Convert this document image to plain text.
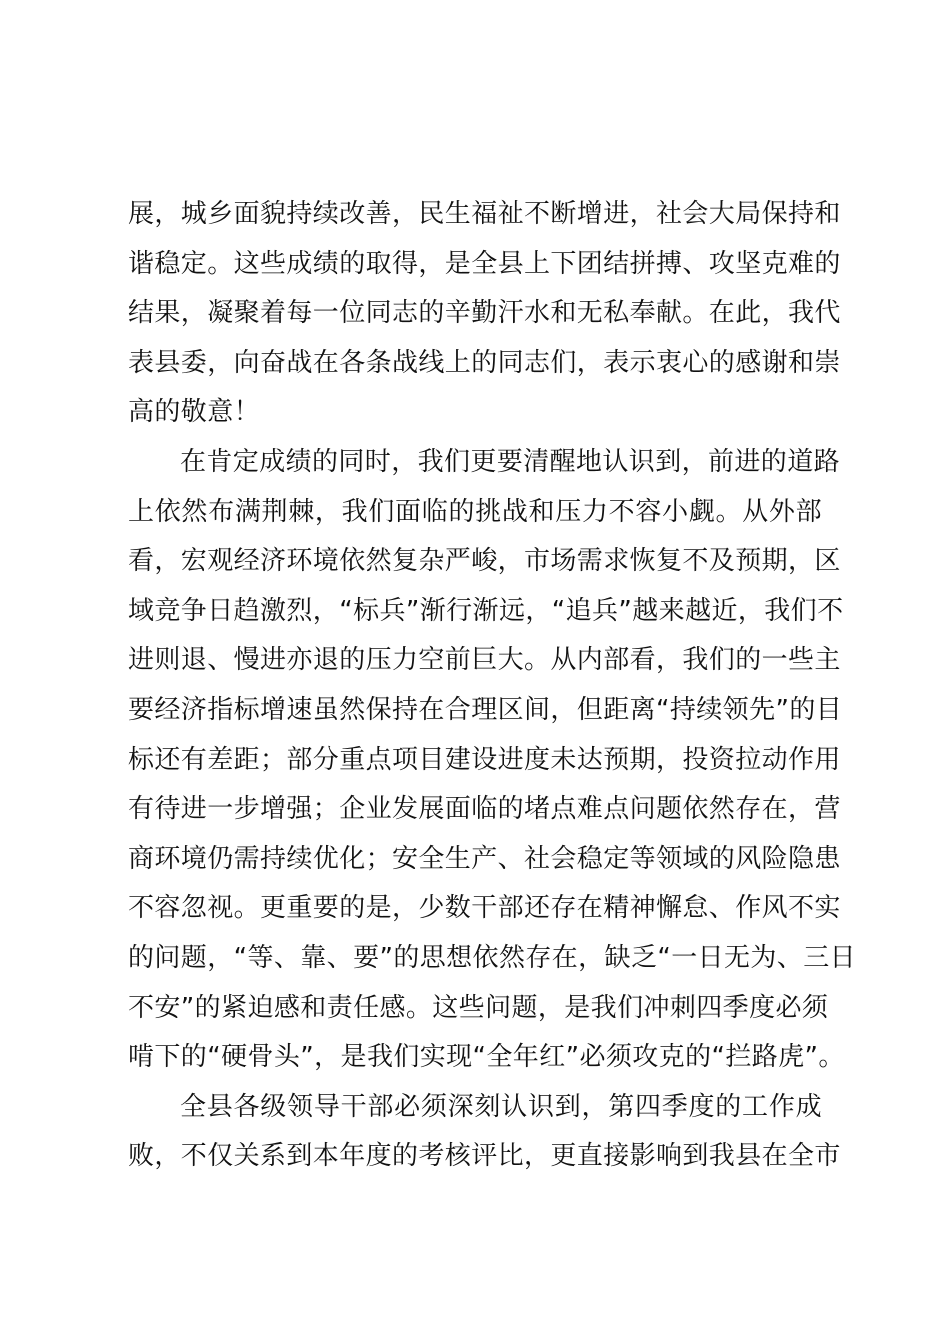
展，城乡面貌持续改善，民生福祉不断增进，社会大局保持和
谐稳定。这些成绩的取得，是全县上下团结拼搏、攻坚克难的
结果，凝聚着每一位同志的辛勤汗水和无私奉献。在此，我代
表县委，向奋战在各条战线上的同志们，表示衷心的感谢和崇
高的敬意！
在肯定成绩的同时，我们更要清醒地认识到，前进的道路
上依然布满荆棘，我们面临的挑战和压力不容小觑。从外部
看，宏观经济环境依然复杂严峻，市场需求恢复不及预期，区
域竞争日趋激烈，“标兵”渐行渐远，“追兵”越来越近，我们不
进则退、慢进亦退的压力空前巨大。从内部看，我们的一些主
要经济指标增速虽然保持在合理区间，但距离“持续领先”的目
标还有差距；部分重点项目建设进度未达预期，投资拉动作用
有待进一步增强；企业发展面临的堵点难点问题依然存在，营
商环境仍需持续优化；安全生产、社会稳定等领域的风险隐患
不容忽视。更重要的是，少数干部还存在精神懈怠、作风不实
的问题，“等、靠、要”的思想依然存在，缺乏“一日无为、三日
不安”的紧迫感和责任感。这些问题，是我们冲刺四季度必须
啃下的“硬骨头”，是我们实现“全年红”必须攻克的“拦路虎”。
全县各级领导干部必须深刻认识到，第四季度的工作成
败，不仅关系到本年度的考核评比，更直接影响到我县在全市
